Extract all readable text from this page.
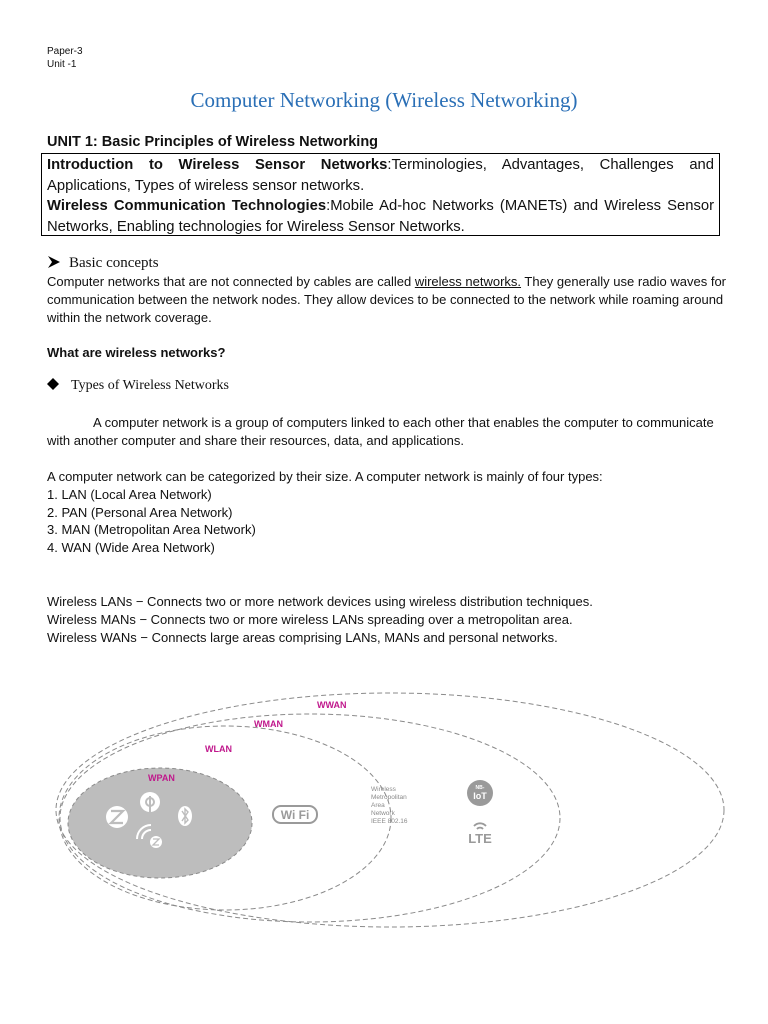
Paper-3
Unit -1
Computer Networking (Wireless Networking)
UNIT 1: Basic Principles of Wireless Networking

Introduction to Wireless Sensor Networks:Terminologies, Advantages, Challenges and Applications, Types of wireless sensor networks.

Wireless Communication Technologies:Mobile Ad-hoc Networks (MANETs) and Wireless Sensor Networks, Enabling technologies for Wireless Sensor Networks.

Basic concepts

Computer networks that are not connected by cables are called wireless networks. They generally use radio waves for communication between the network nodes. They allow devices to be connected to the network while roaming around within the network coverage.

What are wireless networks?

Types of Wireless Networks

A computer network is a group of computers linked to each other that enables the computer to communicate with another computer and share their resources, data, and applications.

A computer network can be categorized by their size. A computer network is mainly of four types:

1. LAN (Local Area Network)
2. PAN (Personal Area Network)
3. MAN (Metropolitan Area Network)
4. WAN (Wide Area Network)

Wireless LANs − Connects two or more network devices using wireless distribution techniques.

Wireless MANs − Connects two or more wireless LANs spreading over a metropolitan area.

Wireless WANs − Connects large areas comprising LANs, MANs and personal networks.

WWAN
WMAN
WLAN
WPAN
Wi Fi
Wireless
Metropolitan
Area
Network
IEEE 802.16
NB-
IoT
LTE
